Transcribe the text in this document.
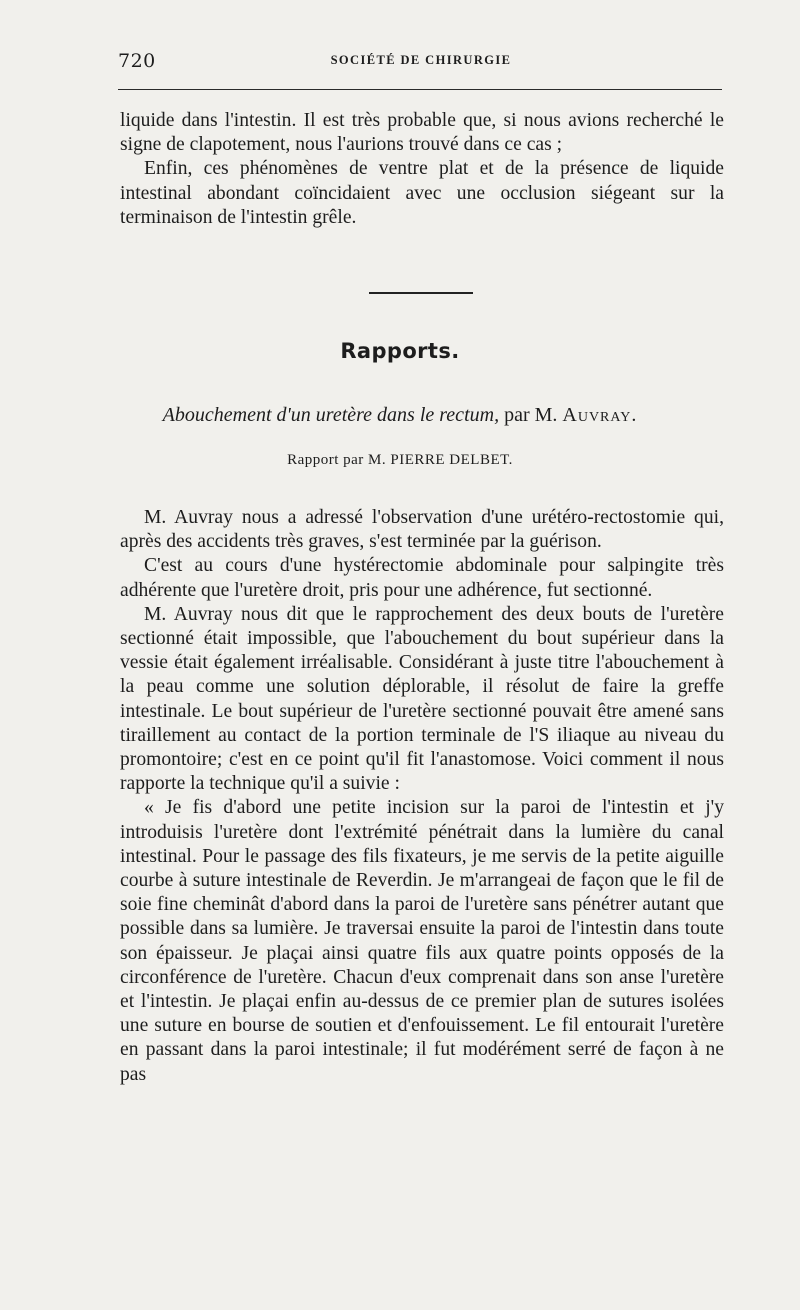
720	SOCIÉTÉ DE CHIRURGIE

liquide dans l'intestin. Il est très probable que, si nous avions recherché le signe de clapotement, nous l'aurions trouvé dans ce cas ;

Enfin, ces phénomènes de ventre plat et de la présence de liquide intestinal abondant coïncidaient avec une occlusion siégeant sur la terminaison de l'intestin grêle.

Rapports.
Abouchement d'un uretère dans le rectum, par M. Auvray.
Rapport par M. PIERRE DELBET.

M. Auvray nous a adressé l'observation d'une urétéro-rectostomie qui, après des accidents très graves, s'est terminée par la guérison.

C'est au cours d'une hystérectomie abdominale pour salpingite très adhérente que l'uretère droit, pris pour une adhérence, fut sectionné.

M. Auvray nous dit que le rapprochement des deux bouts de l'uretère sectionné était impossible, que l'abouchement du bout supérieur dans la vessie était également irréalisable. Considérant à juste titre l'abouchement à la peau comme une solution déplorable, il résolut de faire la greffe intestinale. Le bout supérieur de l'uretère sectionné pouvait être amené sans tiraillement au contact de la portion terminale de l'S iliaque au niveau du promontoire; c'est en ce point qu'il fit l'anastomose. Voici comment il nous rapporte la technique qu'il a suivie :

« Je fis d'abord une petite incision sur la paroi de l'intestin et j'y introduisis l'uretère dont l'extrémité pénétrait dans la lumière du canal intestinal. Pour le passage des fils fixateurs, je me servis de la petite aiguille courbe à suture intestinale de Reverdin. Je m'arrangeai de façon que le fil de soie fine cheminât d'abord dans la paroi de l'uretère sans pénétrer autant que possible dans sa lumière. Je traversai ensuite la paroi de l'intestin dans toute son épaisseur. Je plaçai ainsi quatre fils aux quatre points opposés de la circonférence de l'uretère. Chacun d'eux comprenait dans son anse l'uretère et l'intestin. Je plaçai enfin au-dessus de ce premier plan de sutures isolées une suture en bourse de soutien et d'enfouissement. Le fil entourait l'uretère en passant dans la paroi intestinale; il fut modérément serré de façon à ne pas
